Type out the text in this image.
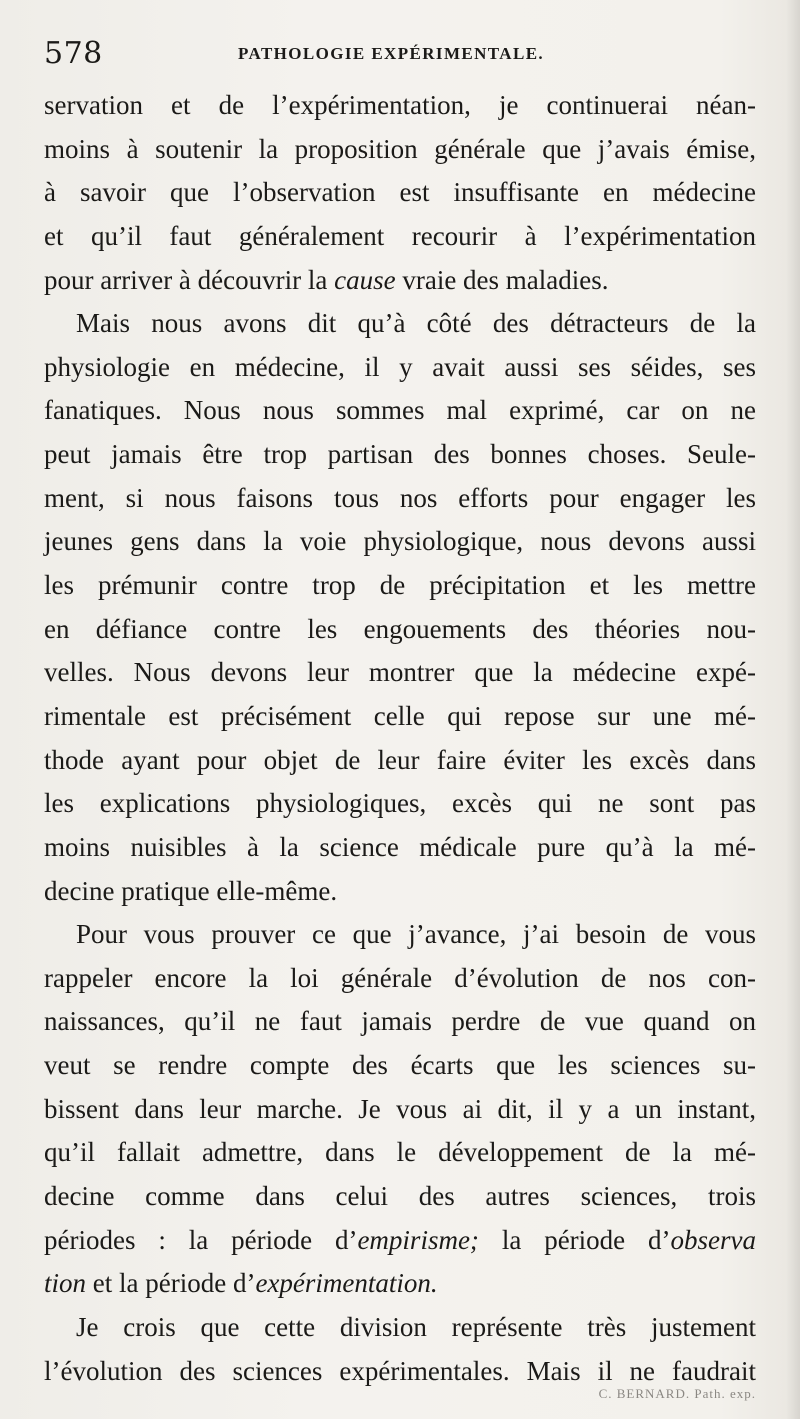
578	PATHOLOGIE EXPÉRIMENTALE.
servation et de l’expérimentation, je continuerai néan-
moins à soutenir la proposition générale que j’avais émise,
à savoir que l’observation est insuffisante en médecine
et qu’il faut généralement recourir à l’expérimentation
pour arriver à découvrir la cause vraie des maladies.
Mais nous avons dit qu’à côté des détracteurs de la
physiologie en médecine, il y avait aussi ses séides, ses
fanatiques. Nous nous sommes mal exprimé, car on ne
peut jamais être trop partisan des bonnes choses. Seule-
ment, si nous faisons tous nos efforts pour engager les
jeunes gens dans la voie physiologique, nous devons aussi
les prémunir contre trop de précipitation et les mettre
en défiance contre les engouements des théories nou-
velles. Nous devons leur montrer que la médecine expé-
rimentale est précisément celle qui repose sur une mé-
thode ayant pour objet de leur faire éviter les excès dans
les explications physiologiques, excès qui ne sont pas
moins nuisibles à la science médicale pure qu’à la mé-
decine pratique elle-même.
Pour vous prouver ce que j’avance, j’ai besoin de vous
rappeler encore la loi générale d’évolution de nos con-
naissances, qu’il ne faut jamais perdre de vue quand on
veut se rendre compte des écarts que les sciences su-
bissent dans leur marche. Je vous ai dit, il y a un instant,
qu’il fallait admettre, dans le développement de la mé-
decine comme dans celui des autres sciences, trois
périodes : la période d’empirisme; la période d’observa
tion et la période d’expérimentation.
Je crois que cette division représente très justement
l’évolution des sciences expérimentales. Mais il ne faudrait
C. BERNARD. Path. exp.
